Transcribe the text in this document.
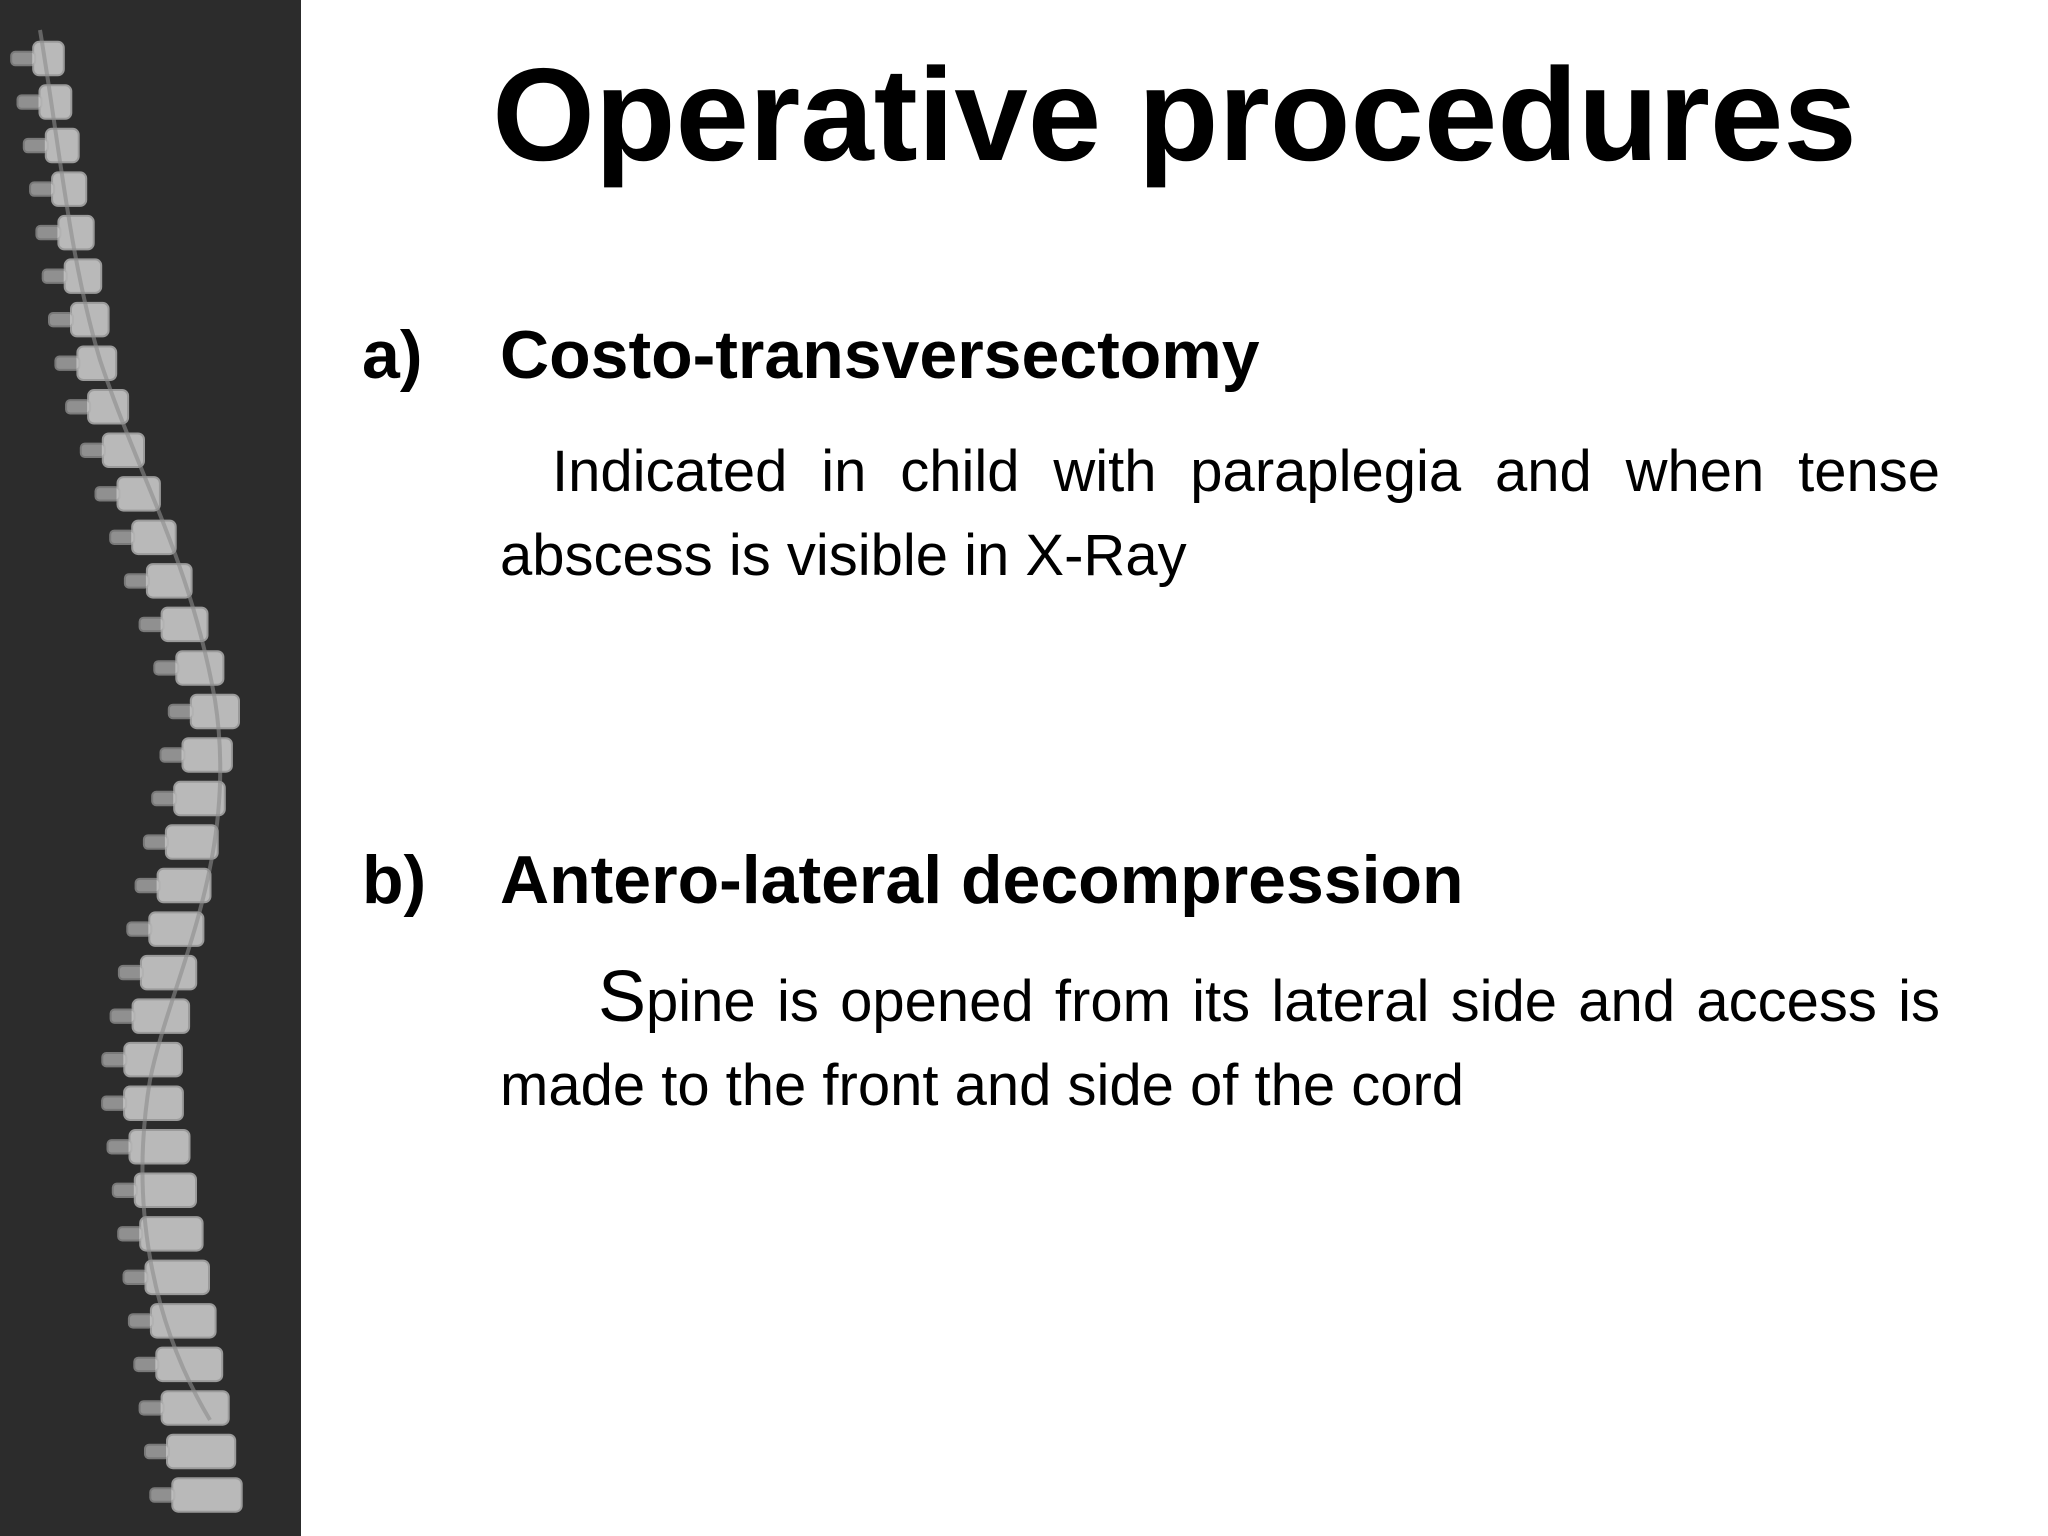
Operative procedures
a) Costo-transversectomy
Indicated in child with paraplegia and when tense abscess is visible in X-Ray
b) Antero-lateral decompression
Spine is opened from its lateral side and access is made to the front and side of the cord
